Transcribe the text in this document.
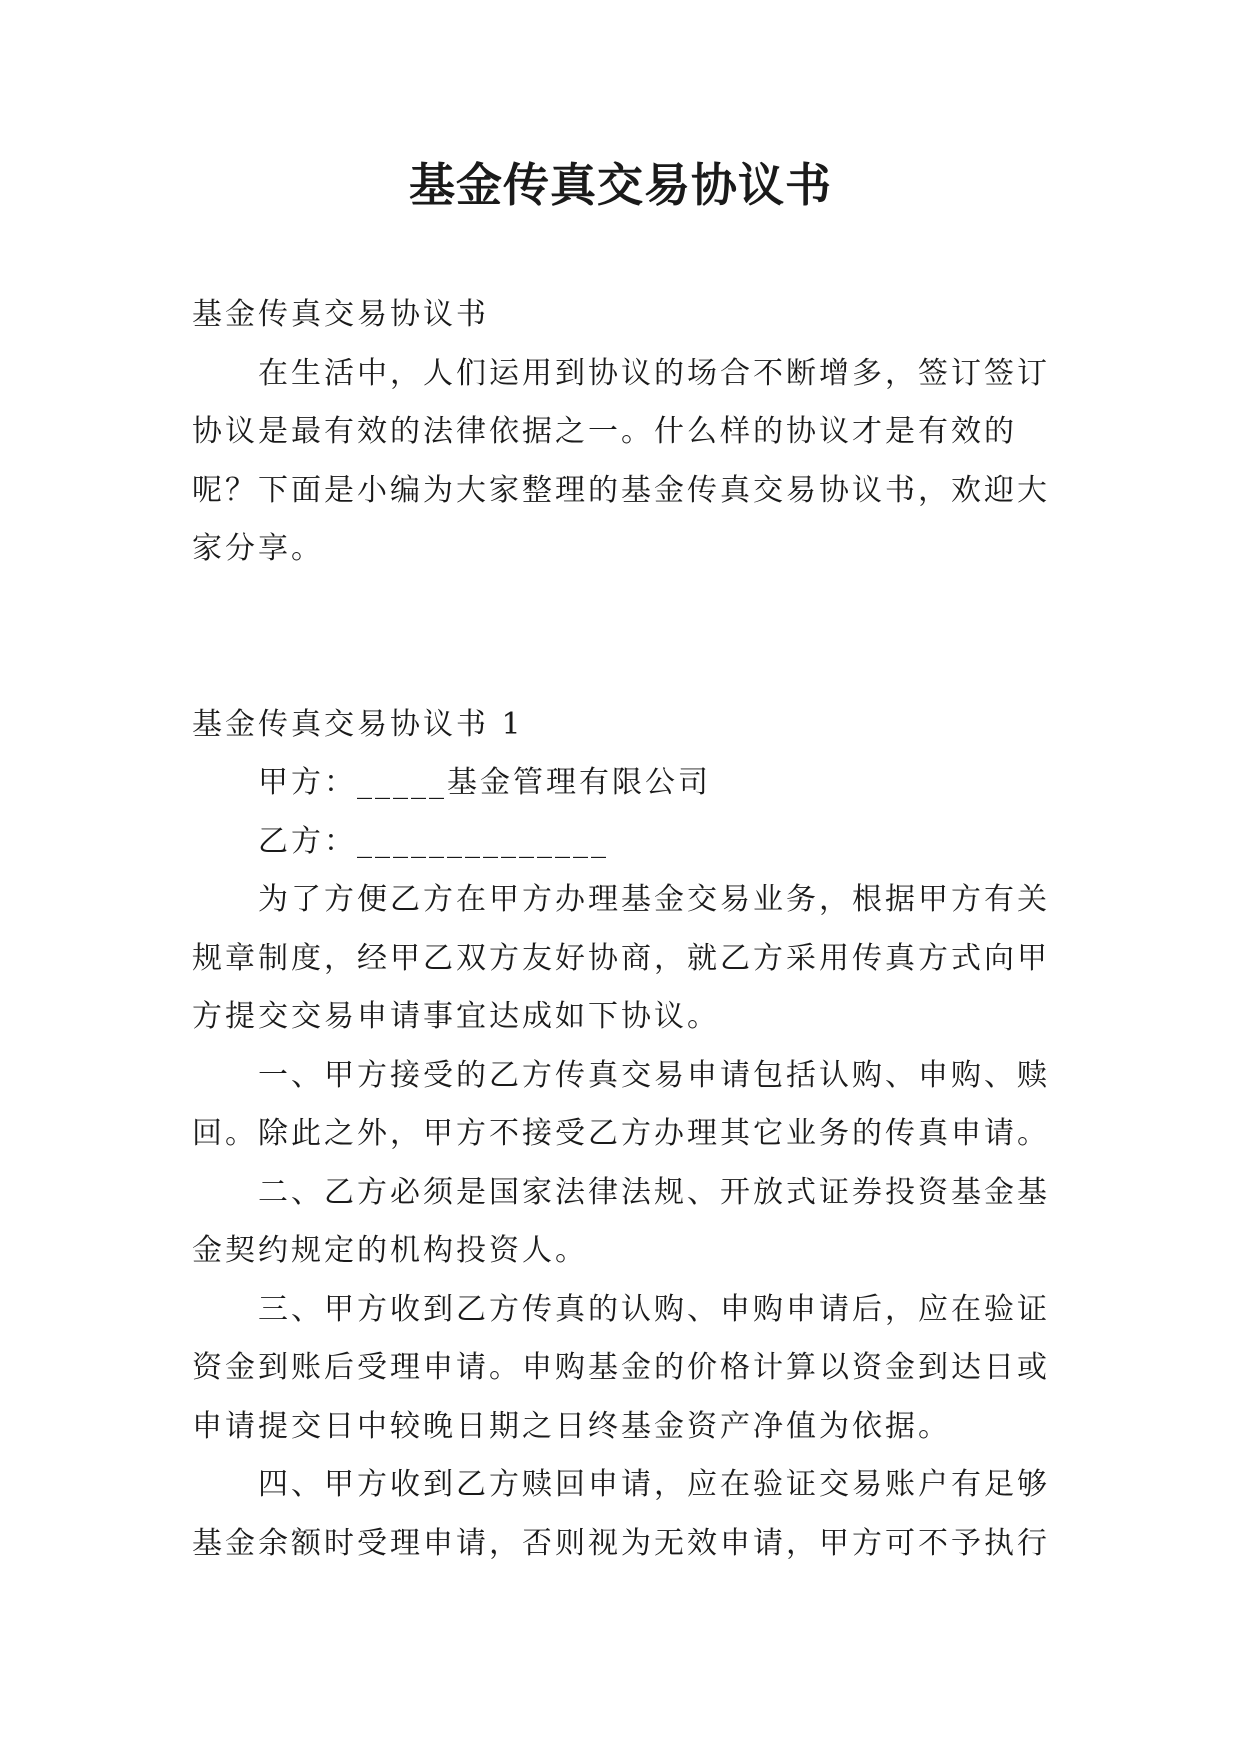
基金传真交易协议书

基金传真交易协议书

在生活中，人们运用到协议的场合不断增多，签订签订协议是最有效的法律依据之一。什么样的协议才是有效的呢？下面是小编为大家整理的基金传真交易协议书，欢迎大家分享。

基金传真交易协议书 1

甲方：_____基金管理有限公司

乙方：______________

为了方便乙方在甲方办理基金交易业务，根据甲方有关规章制度，经甲乙双方友好协商，就乙方采用传真方式向甲方提交交易申请事宜达成如下协议。

一、甲方接受的乙方传真交易申请包括认购、申购、赎回。除此之外，甲方不接受乙方办理其它业务的传真申请。

二、乙方必须是国家法律法规、开放式证券投资基金基金契约规定的机构投资人。

三、甲方收到乙方传真的认购、申购申请后，应在验证资金到账后受理申请。申购基金的价格计算以资金到达日或申请提交日中较晚日期之日终基金资产净值为依据。

四、甲方收到乙方赎回申请，应在验证交易账户有足够基金余额时受理申请，否则视为无效申请，甲方可不予执行
